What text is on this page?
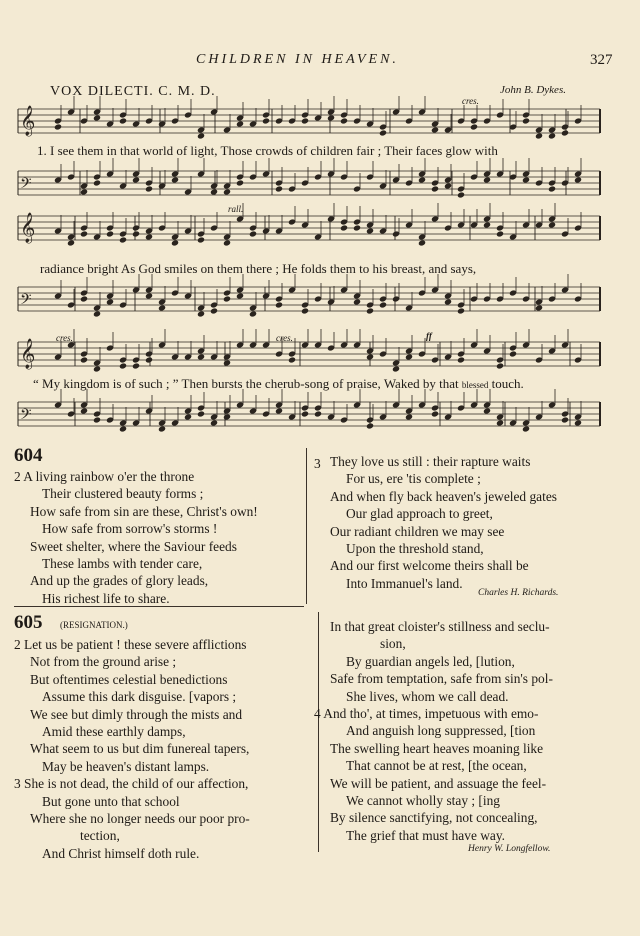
CHILDREN IN HEAVEN.	327
VOX DILECTI. C. M. D.	John B. Dykes.
𝄞
𝄢
𝄞
𝄢
𝄞
𝄢
cres.
rall.
cres.	cres.	ff
1. I see them in that world of light, Those crowds of children fair ; Their faces glow with
radiance bright As God smiles on them there ; He folds them to his breast, and says,
“ My kingdom is of such ; ” Then bursts the cherub-song of praise, Waked by that blessed touch.
604
2 A living rainbow o'er the throne
Their clustered beauty forms ;
How safe from sin are these, Christ's own!
How safe from sorrow's storms !
Sweet shelter, where the Saviour feeds
These lambs with tender care,
And up the grades of glory leads,
His richest life to share.
3 They love us still : their rapture waits
For us, ere 'tis complete ;
And when fly back heaven's jeweled gates
Our glad approach to greet,
Our radiant children we may see
Upon the threshold stand,
And our first welcome theirs shall be
Into Immanuel's land.
Charles H. Richards.
605 (RESIGNATION.)
2 Let us be patient ! these severe afflictions
Not from the ground arise ;
But oftentimes celestial benedictions
Assume this dark disguise. [vapors ;
We see but dimly through the mists and
Amid these earthly damps,
What seem to us but dim funereal tapers,
May be heaven's distant lamps.
3 She is not dead, the child of our affection,
But gone unto that school
Where she no longer needs our poor pro-
tection,
And Christ himself doth rule.
In that great cloister's stillness and seclu-
sion,
By guardian angels led, [lution,
Safe from temptation, safe from sin's pol-
She lives, whom we call dead.
4 And tho', at times, impetuous with emo-
And anguish long suppressed, [tion
The swelling heart heaves moaning like
That cannot be at rest, [the ocean,
We will be patient, and assuage the feel-
We cannot wholly stay ; [ing
By silence sanctifying, not concealing,
The grief that must have way.
Henry W. Longfellow.
